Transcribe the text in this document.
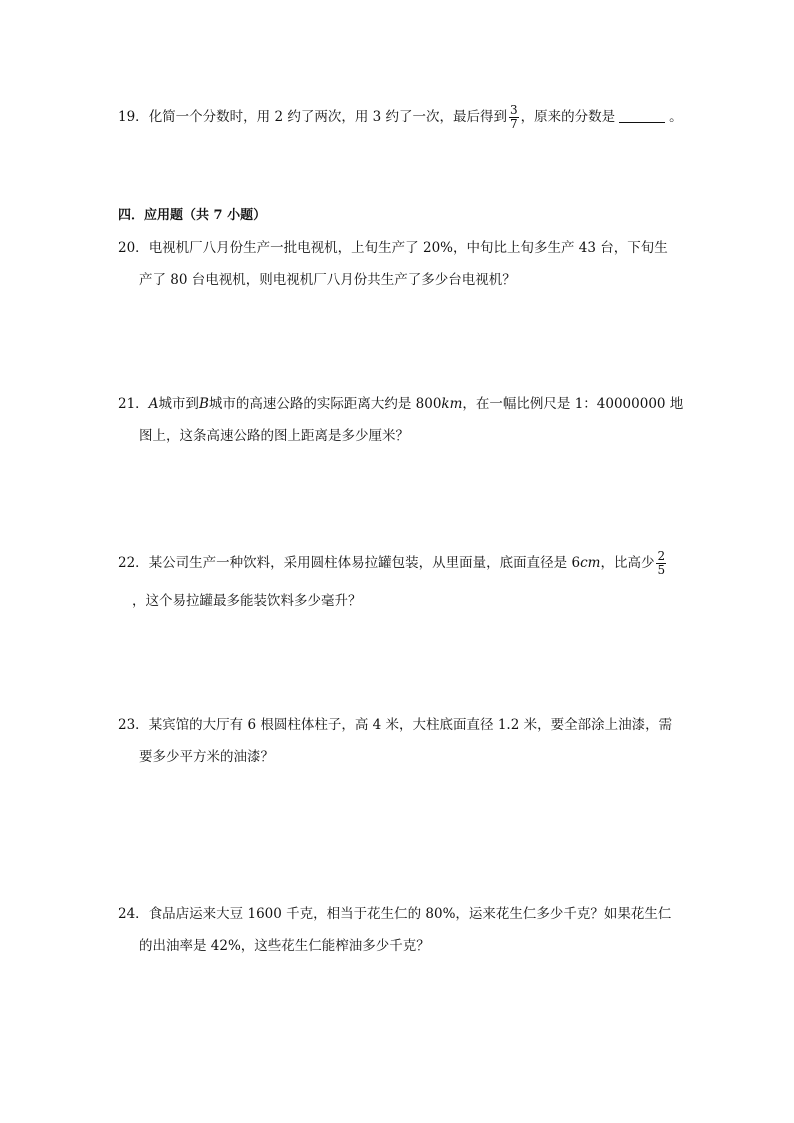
19．化简一个分数时，用 2 约了两次，用 3 约了一次，最后得到 $\frac{3}{7}$ ，原来的分数是	。
四．应用题（共 7 小题）
20．电视机厂八月份生产一批电视机，上旬生产了 20%，中旬比上旬多生产 43 台，下旬生
产了 80 台电视机，则电视机厂八月份共生产了多少台电视机？
21．A城市到B城市的高速公路的实际距离大约是 800km，在一幅比例尺是 1：40000000 地
图上，这条高速公路的图上距离是多少厘米？
22．某公司生产一种饮料，采用圆柱体易拉罐包装，从里面量，底面直径是 6cm，比高少 $\frac{2}{5}$
，这个易拉罐最多能装饮料多少毫升？
23．某宾馆的大厅有 6 根圆柱体柱子，高 4 米，大柱底面直径 1.2 米，要全部涂上油漆，需
要多少平方米的油漆？
24．食品店运来大豆 1600 千克，相当于花生仁的 80%，运来花生仁多少千克？如果花生仁
的出油率是 42%，这些花生仁能榨油多少千克？
